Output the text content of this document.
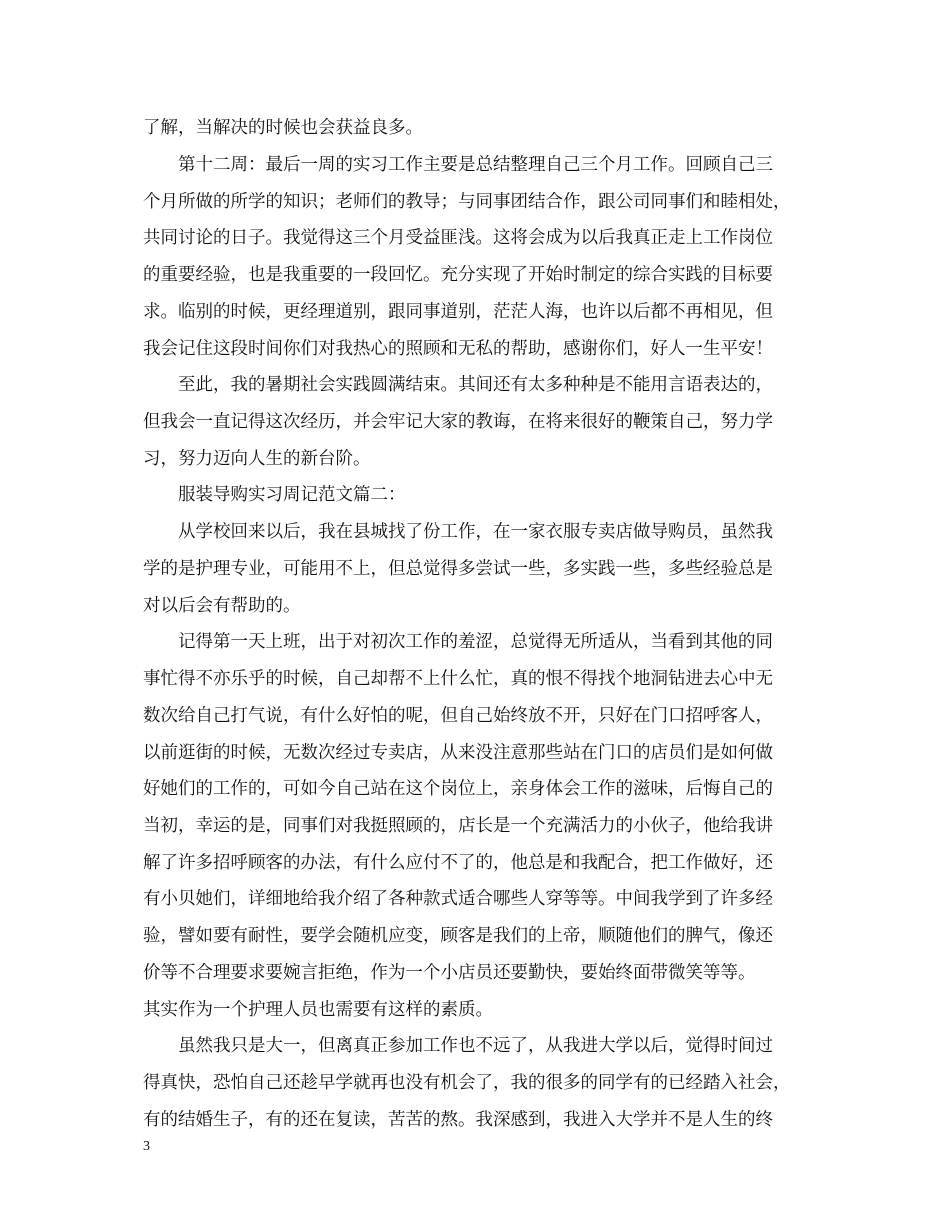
了解，当解决的时候也会获益良多。
　　第十二周：最后一周的实习工作主要是总结整理自己三个月工作。回顾自己三
个月所做的所学的知识；老师们的教导；与同事团结合作，跟公司同事们和睦相处，
共同讨论的日子。我觉得这三个月受益匪浅。这将会成为以后我真正走上工作岗位
的重要经验，也是我重要的一段回忆。充分实现了开始时制定的综合实践的目标要
求。临别的时候，更经理道别，跟同事道别，茫茫人海，也许以后都不再相见，但
我会记住这段时间你们对我热心的照顾和无私的帮助，感谢你们，好人一生平安！
　　至此，我的暑期社会实践圆满结束。其间还有太多种种是不能用言语表达的，
但我会一直记得这次经历，并会牢记大家的教诲，在将来很好的鞭策自己，努力学
习，努力迈向人生的新台阶。
　　服装导购实习周记范文篇二：
　　从学校回来以后，我在县城找了份工作，在一家衣服专卖店做导购员，虽然我
学的是护理专业，可能用不上，但总觉得多尝试一些，多实践一些，多些经验总是
对以后会有帮助的。
　　记得第一天上班，出于对初次工作的羞涩，总觉得无所适从，当看到其他的同
事忙得不亦乐乎的时候，自己却帮不上什么忙，真的恨不得找个地洞钻进去心中无
数次给自己打气说，有什么好怕的呢，但自己始终放不开，只好在门口招呼客人，
以前逛街的时候，无数次经过专卖店，从来没注意那些站在门口的店员们是如何做
好她们的工作的，可如今自己站在这个岗位上，亲身体会工作的滋味，后悔自己的
当初，幸运的是，同事们对我挺照顾的，店长是一个充满活力的小伙子，他给我讲
解了许多招呼顾客的办法，有什么应付不了的，他总是和我配合，把工作做好，还
有小贝她们，详细地给我介绍了各种款式适合哪些人穿等等。中间我学到了许多经
验，譬如要有耐性，要学会随机应变，顾客是我们的上帝，顺随他们的脾气，像还
价等不合理要求要婉言拒绝，作为一个小店员还要勤快，要始终面带微笑等等。
其实作为一个护理人员也需要有这样的素质。
　　虽然我只是大一，但离真正参加工作也不远了，从我进大学以后，觉得时间过
得真快，恐怕自己还趁早学就再也没有机会了，我的很多的同学有的已经踏入社会，
有的结婚生子，有的还在复读，苦苦的熬。我深感到，我进入大学并不是人生的终
3
